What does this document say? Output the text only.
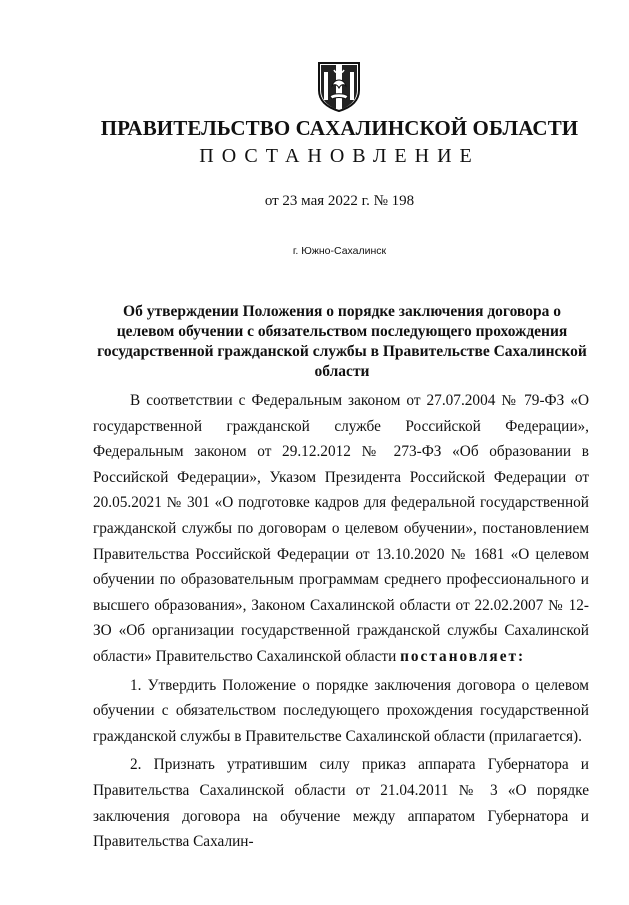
ПРАВИТЕЛЬСТВО САХАЛИНСКОЙ ОБЛАСТИ
ПОСТАНОВЛЕНИЕ
от 23 мая 2022 г. № 198
г. Южно-Сахалинск
Об утверждении Положения о порядке заключения договора о целевом обучении с обязательством последующего прохождения государственной гражданской службы в Правительстве Сахалинской области

В соответствии с Федеральным законом от 27.07.2004 № 79-ФЗ «О государственной гражданской службе Российской Федерации», Федеральным законом от 29.12.2012 № 273-ФЗ «Об образовании в Российской Федерации», Указом Президента Российской Федерации от 20.05.2021 № 301 «О подготовке кадров для федеральной государственной гражданской службы по договорам о целевом обучении», постановлением Правительства Российской Федерации от 13.10.2020 № 1681 «О целевом обучении по образовательным программам среднего профессионального и высшего образования», Законом Сахалинской области от 22.02.2007 № 12-ЗО «Об организации государственной гражданской службы Сахалинской области» Правительство Сахалинской области постановляет:

1. Утвердить Положение о порядке заключения договора о целевом обучении с обязательством последующего прохождения государственной гражданской службы в Правительстве Сахалинской области (прилагается).

2. Признать утратившим силу приказ аппарата Губернатора и Правительства Сахалинской области от 21.04.2011 № 3 «О порядке заключения договора на обучение между аппаратом Губернатора и Правительства Сахалин-
